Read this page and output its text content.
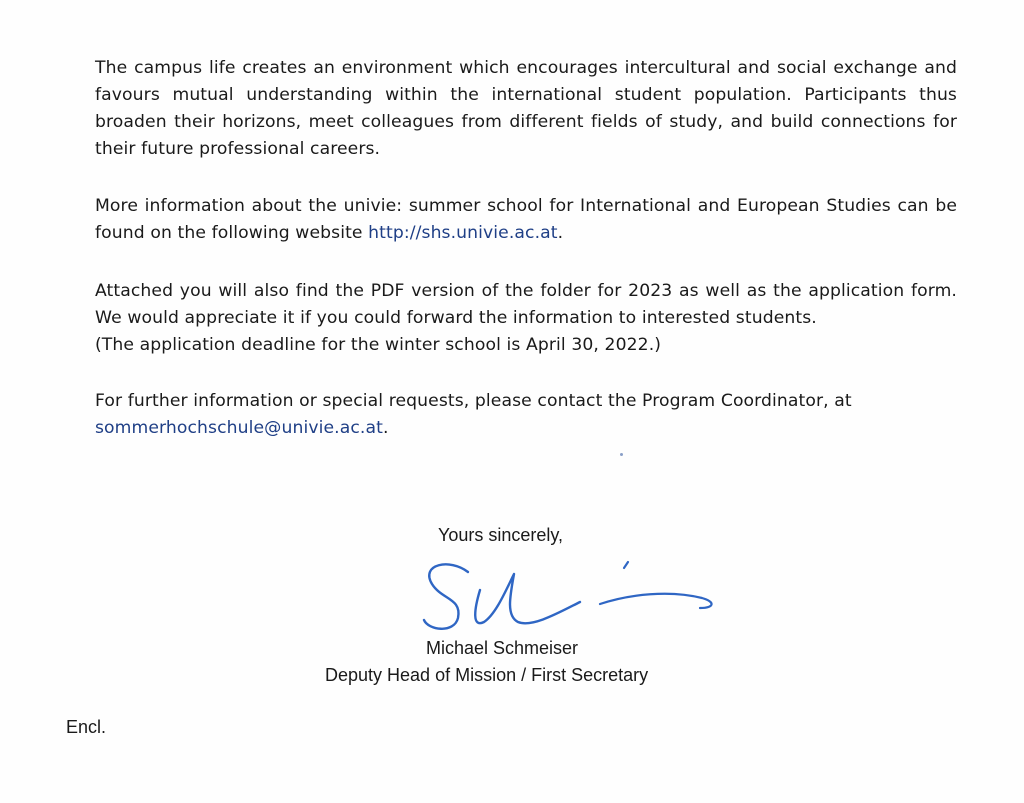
The campus life creates an environment which encourages intercultural and social exchange and favours mutual understanding within the international student population. Participants thus broaden their horizons, meet colleagues from different fields of study, and build connections for their future professional careers.
More information about the univie: summer school for International and European Studies can be found on the following website http://shs.univie.ac.at.
Attached you will also find the PDF version of the folder for 2023 as well as the application form. We would appreciate it if you could forward the information to interested students.
(The application deadline for the winter school is April 30, 2022.)
For further information or special requests, please contact the Program Coordinator, at
sommerhochschule@univie.ac.at.
Yours sincerely,
Michael Schmeiser
Deputy Head of Mission / First Secretary
Encl.
